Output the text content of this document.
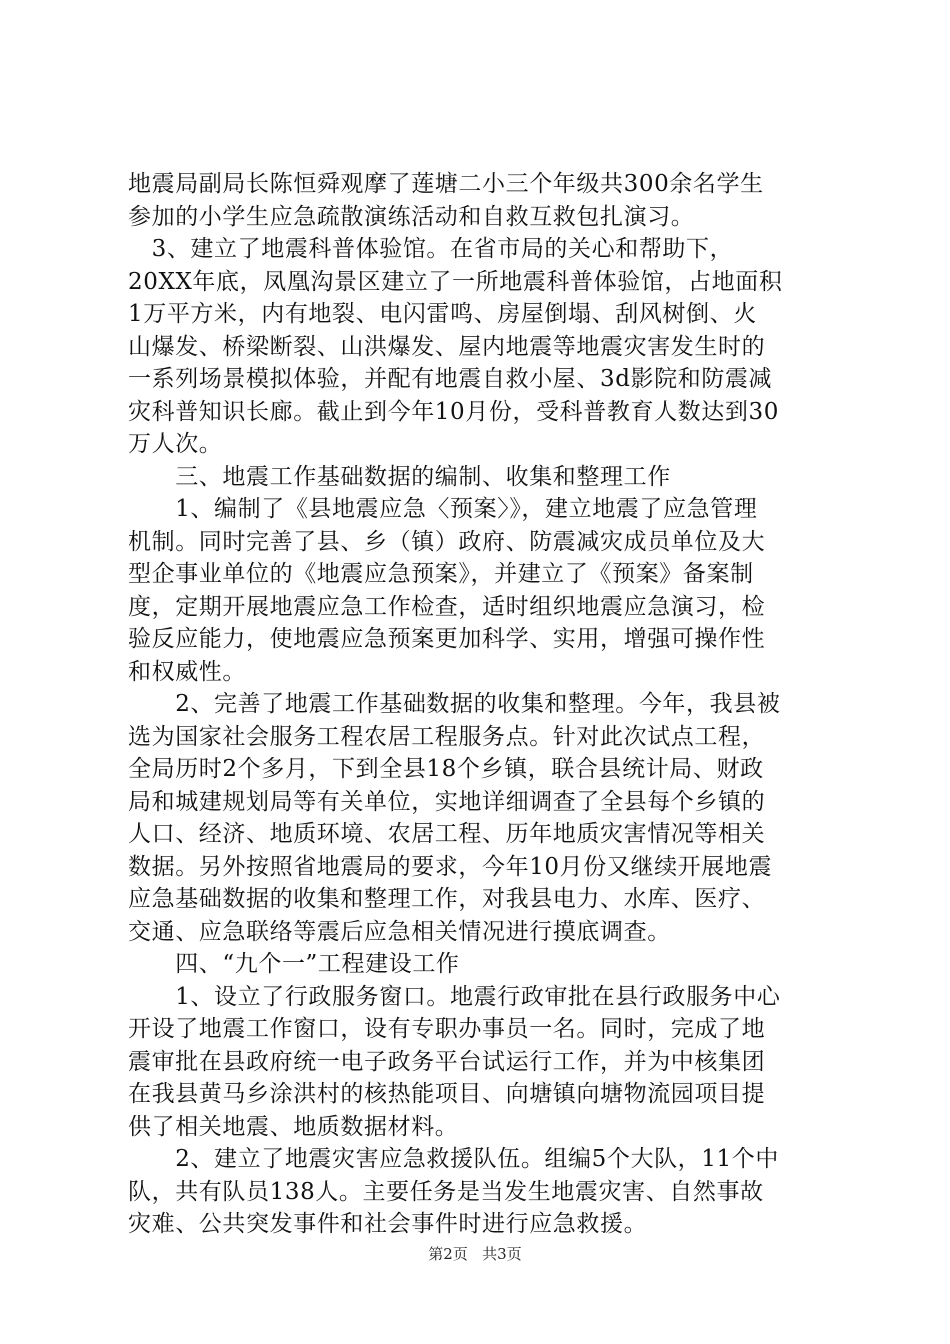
地震局副局长陈恒舜观摩了莲塘二小三个年级共300余名学生
参加的小学生应急疏散演练活动和自救互救包扎演习。
　3、建立了地震科普体验馆。在省市局的关心和帮助下，
20XX年底，凤凰沟景区建立了一所地震科普体验馆，占地面积
1万平方米，内有地裂、电闪雷鸣、房屋倒塌、刮风树倒、火
山爆发、桥梁断裂、山洪爆发、屋内地震等地震灾害发生时的
一系列场景模拟体验，并配有地震自救小屋、3d影院和防震减
灾科普知识长廊。截止到今年10月份，受科普教育人数达到30
万人次。
　　三、地震工作基础数据的编制、收集和整理工作
　　1、编制了《县地震应急〈预案〉》，建立地震了应急管理
机制。同时完善了县、乡（镇）政府、防震减灾成员单位及大
型企事业单位的《地震应急预案》，并建立了《预案》备案制
度，定期开展地震应急工作检查，适时组织地震应急演习，检
验反应能力，使地震应急预案更加科学、实用，增强可操作性
和权威性。
　　2、完善了地震工作基础数据的收集和整理。今年，我县被
选为国家社会服务工程农居工程服务点。针对此次试点工程，
全局历时2个多月，下到全县18个乡镇，联合县统计局、财政
局和城建规划局等有关单位，实地详细调查了全县每个乡镇的
人口、经济、地质环境、农居工程、历年地质灾害情况等相关
数据。另外按照省地震局的要求，今年10月份又继续开展地震
应急基础数据的收集和整理工作，对我县电力、水库、医疗、
交通、应急联络等震后应急相关情况进行摸底调查。
　　四、“九个一”工程建设工作
　　1、设立了行政服务窗口。地震行政审批在县行政服务中心
开设了地震工作窗口，设有专职办事员一名。同时，完成了地
震审批在县政府统一电子政务平台试运行工作，并为中核集团
在我县黄马乡涂洪村的核热能项目、向塘镇向塘物流园项目提
供了相关地震、地质数据材料。
　　2、建立了地震灾害应急救援队伍。组编5个大队，11个中
队，共有队员138人。主要任务是当发生地震灾害、自然事故
灾难、公共突发事件和社会事件时进行应急救援。
第2页 共3页
